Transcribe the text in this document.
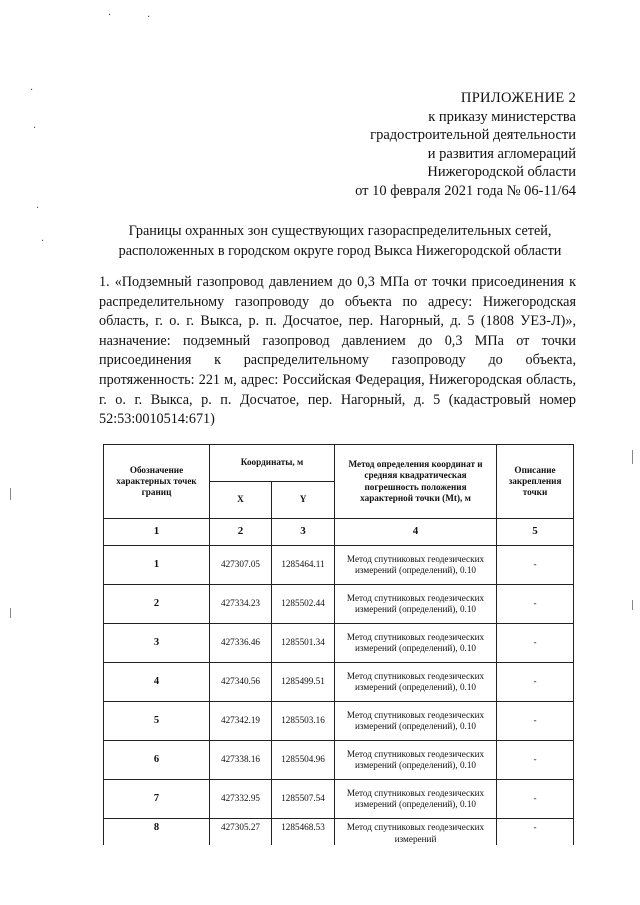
·	·
·
·
·
·
ПРИЛОЖЕНИЕ 2
к приказу министерства
градостроительной деятельности
и развития агломераций
Нижегородской области
от 10 февраля 2021 года № 06-11/64
Границы охранных зон существующих газораспределительных сетей,
расположенных в городском округе город Выкса Нижегородской области
1. «Подземный газопровод давлением до 0,3 МПа от точки присоединения к распределительному газопроводу до объекта по адресу: Нижегородская область, г. о. г. Выкса, р. п. Досчатое, пер. Нагорный, д. 5 (1808 УЕЗ-Л)», назначение: подземный газопровод давлением до 0,3 МПа от точки присоединения к распределительному газопроводу до объекта, протяженность: 221 м, адрес: Российская Федерация, Нижегородская область, г. о. г. Выкса, р. п. Досчатое, пер. Нагорный, д. 5 (кадастровый номер 52:53:0010514:671)
Обозначение характерных точек границ	Координаты, м		Метод определения координат и средняя квадратическая погрешность положения характерной точки (Mt), м	Описание закрепления точки
	X	Y		
1	2	3	4	5
1	427307.05	1285464.11	Метод спутниковых геодезических измерений (определений), 0.10	-
2	427334.23	1285502.44	Метод спутниковых геодезических измерений (определений), 0.10	-
3	427336.46	1285501.34	Метод спутниковых геодезических измерений (определений), 0.10	-
4	427340.56	1285499.51	Метод спутниковых геодезических измерений (определений), 0.10	-
5	427342.19	1285503.16	Метод спутниковых геодезических измерений (определений), 0.10	-
6	427338.16	1285504.96	Метод спутниковых геодезических измерений (определений), 0.10	-
7	427332.95	1285507.54	Метод спутниковых геодезических измерений (определений), 0.10	-
8	427305.27	1285468.53	Метод спутниковых геодезических измерений	-
